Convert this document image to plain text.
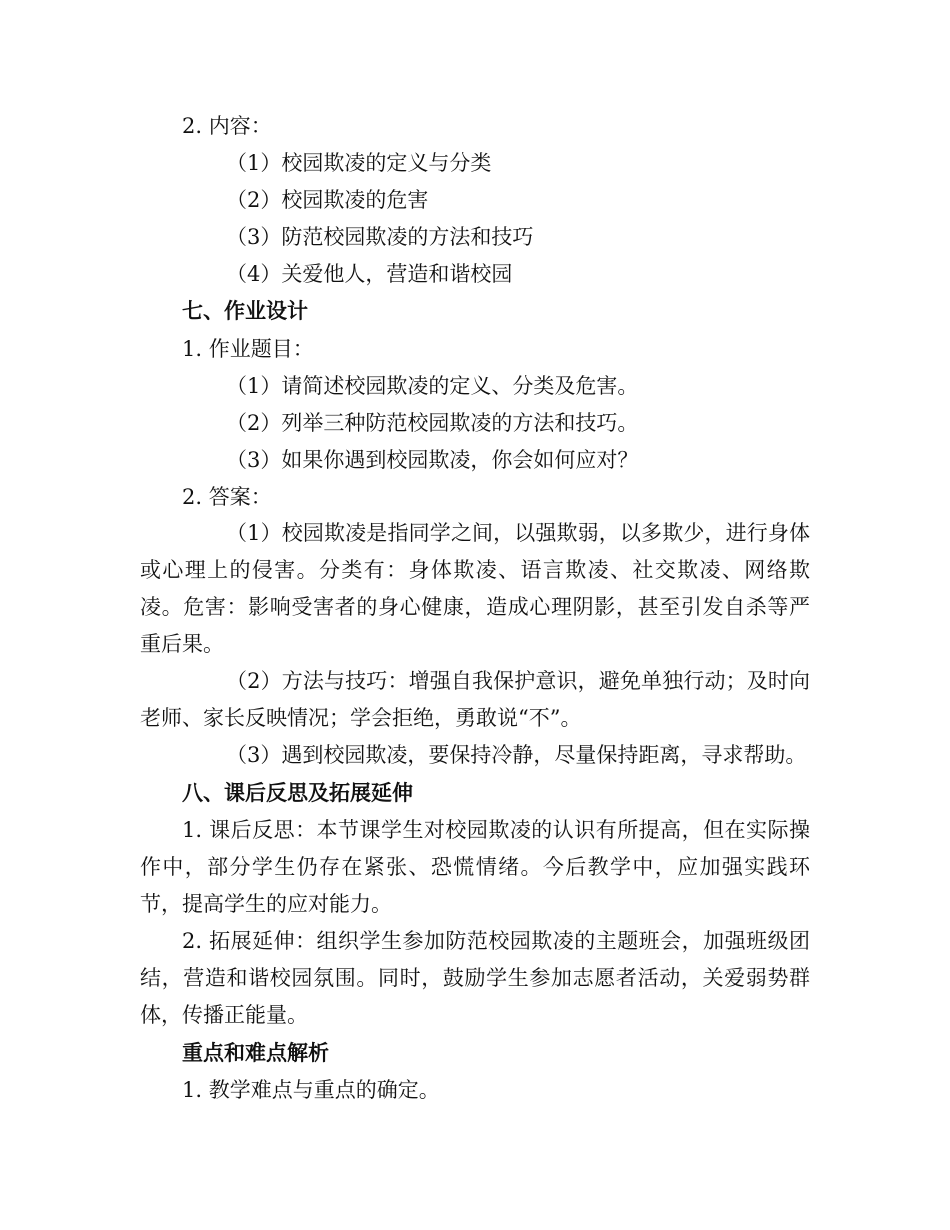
2. 内容：
（1）校园欺凌的定义与分类
（2）校园欺凌的危害
（3）防范校园欺凌的方法和技巧
（4）关爱他人，营造和谐校园
七、作业设计
1. 作业题目：
（1）请简述校园欺凌的定义、分类及危害。
（2）列举三种防范校园欺凌的方法和技巧。
（3）如果你遇到校园欺凌，你会如何应对？
2. 答案：

（1）校园欺凌是指同学之间，以强欺弱，以多欺少，进行身体或心理上的侵害。分类有：身体欺凌、语言欺凌、社交欺凌、网络欺凌。危害：影响受害者的身心健康，造成心理阴影，甚至引发自杀等严重后果。

（2）方法与技巧：增强自我保护意识，避免单独行动；及时向老师、家长反映情况；学会拒绝，勇敢说“不”。

（3）遇到校园欺凌，要保持冷静，尽量保持距离，寻求帮助。
八、课后反思及拓展延伸

1. 课后反思：本节课学生对校园欺凌的认识有所提高，但在实际操作中，部分学生仍存在紧张、恐慌情绪。今后教学中，应加强实践环节，提高学生的应对能力。

2. 拓展延伸：组织学生参加防范校园欺凌的主题班会，加强班级团结，营造和谐校园氛围。同时，鼓励学生参加志愿者活动，关爱弱势群体，传播正能量。

重点和难点解析
1. 教学难点与重点的确定。
